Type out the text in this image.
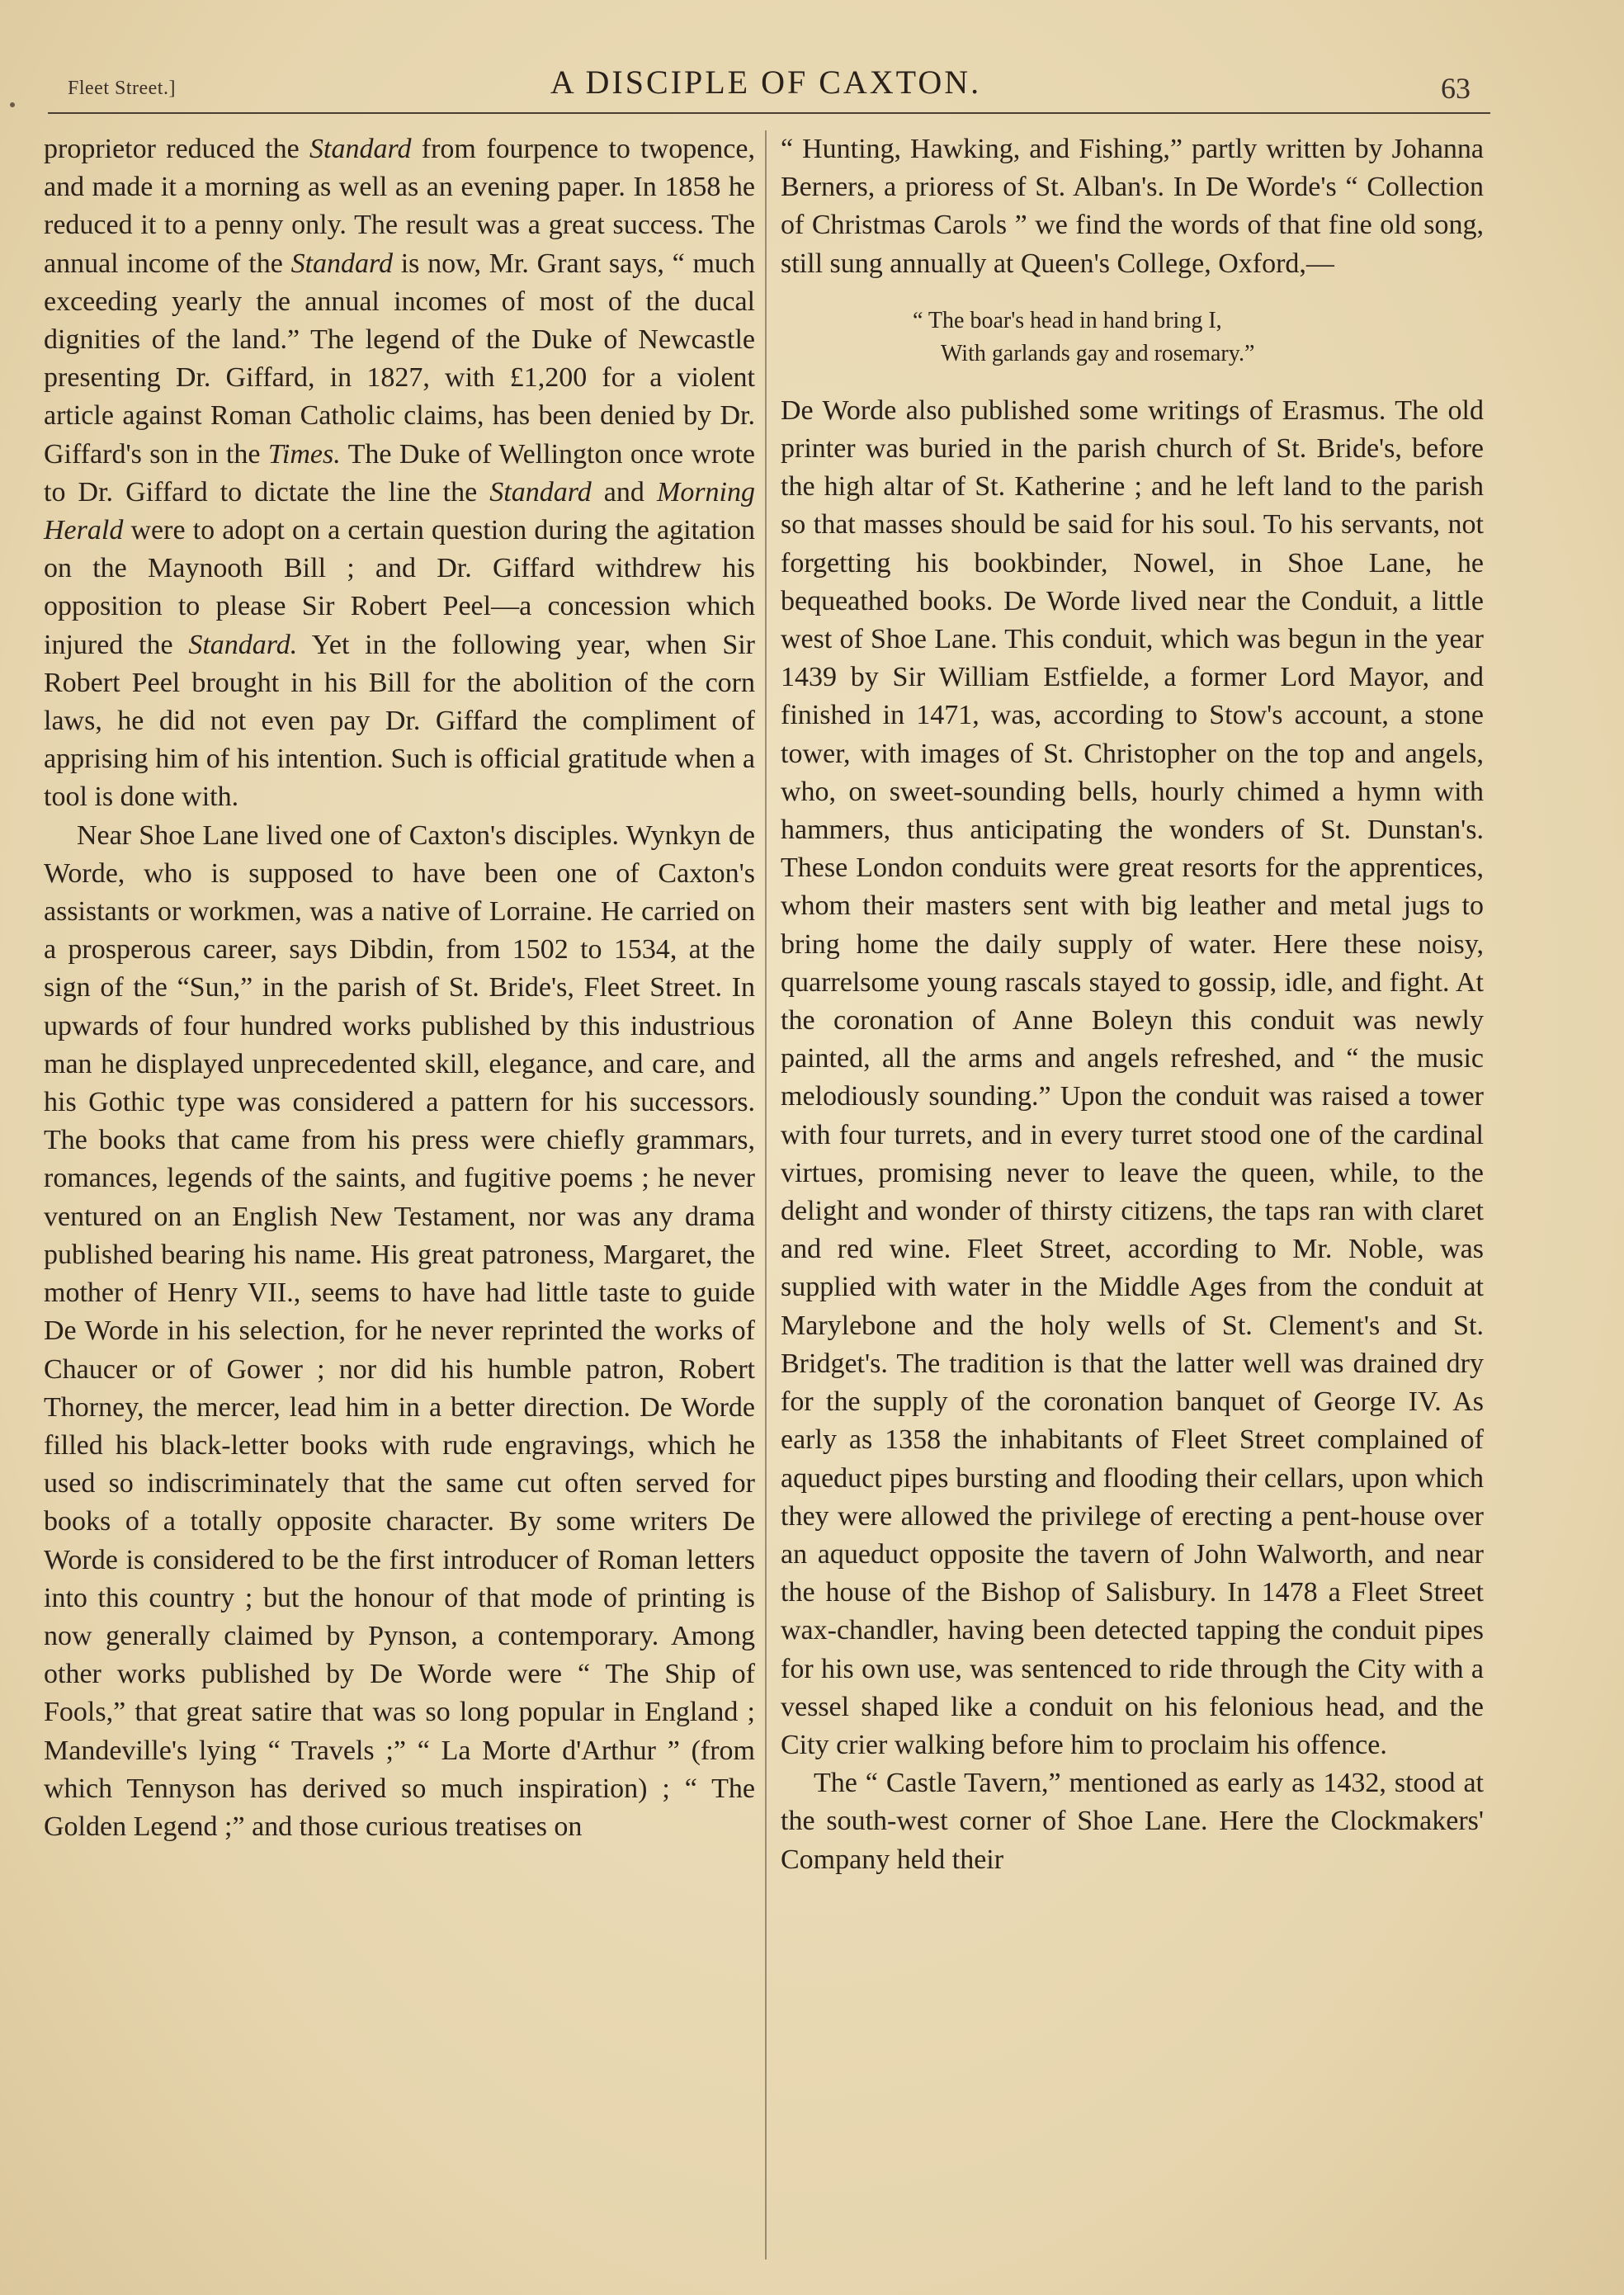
Fleet Street.]	A DISCIPLE OF CAXTON.	63

proprietor reduced the Standard from fourpence to twopence, and made it a morning as well as an evening paper. In 1858 he reduced it to a penny only. The result was a great success. The annual income of the Standard is now, Mr. Grant says, “ much exceeding yearly the annual incomes of most of the ducal dignities of the land.” The legend of the Duke of Newcastle presenting Dr. Giffard, in 1827, with £1,200 for a violent article against Roman Catholic claims, has been denied by Dr. Giffard's son in the Times. The Duke of Wellington once wrote to Dr. Giffard to dictate the line the Standard and Morning Herald were to adopt on a certain question during the agitation on the Maynooth Bill ; and Dr. Giffard withdrew his opposition to please Sir Robert Peel—a concession which injured the Standard. Yet in the following year, when Sir Robert Peel brought in his Bill for the abolition of the corn laws, he did not even pay Dr. Giffard the compliment of apprising him of his intention. Such is official gratitude when a tool is done with.

Near Shoe Lane lived one of Caxton's disciples. Wynkyn de Worde, who is supposed to have been one of Caxton's assistants or workmen, was a native of Lorraine. He carried on a prosperous career, says Dibdin, from 1502 to 1534, at the sign of the “Sun,” in the parish of St. Bride's, Fleet Street. In upwards of four hundred works published by this industrious man he displayed unprecedented skill, elegance, and care, and his Gothic type was considered a pattern for his successors. The books that came from his press were chiefly grammars, romances, legends of the saints, and fugitive poems ; he never ventured on an English New Testament, nor was any drama published bearing his name. His great patroness, Margaret, the mother of Henry VII., seems to have had little taste to guide De Worde in his selection, for he never reprinted the works of Chaucer or of Gower ; nor did his humble patron, Robert Thorney, the mercer, lead him in a better direction. De Worde filled his black-letter books with rude engravings, which he used so indiscriminately that the same cut often served for books of a totally opposite character. By some writers De Worde is considered to be the first introducer of Roman letters into this country ; but the honour of that mode of printing is now generally claimed by Pynson, a contemporary. Among other works published by De Worde were “ The Ship of Fools,” that great satire that was so long popular in England ; Mandeville's lying “ Travels ;” “ La Morte d'Arthur ” (from which Tennyson has derived so much inspiration) ; “ The Golden Legend ;” and those curious treatises on

“ Hunting, Hawking, and Fishing,” partly written by Johanna Berners, a prioress of St. Alban's. In De Worde's “ Collection of Christmas Carols ” we find the words of that fine old song, still sung annually at Queen's College, Oxford,—

“ The boar's head in hand bring I,
With garlands gay and rosemary.”

De Worde also published some writings of Erasmus. The old printer was buried in the parish church of St. Bride's, before the high altar of St. Katherine ; and he left land to the parish so that masses should be said for his soul. To his servants, not forgetting his bookbinder, Nowel, in Shoe Lane, he bequeathed books. De Worde lived near the Conduit, a little west of Shoe Lane. This conduit, which was begun in the year 1439 by Sir William Estfielde, a former Lord Mayor, and finished in 1471, was, according to Stow's account, a stone tower, with images of St. Christopher on the top and angels, who, on sweet-sounding bells, hourly chimed a hymn with hammers, thus anticipating the wonders of St. Dunstan's. These London conduits were great resorts for the apprentices, whom their masters sent with big leather and metal jugs to bring home the daily supply of water. Here these noisy, quarrelsome young rascals stayed to gossip, idle, and fight. At the coronation of Anne Boleyn this conduit was newly painted, all the arms and angels refreshed, and “ the music melodiously sounding.” Upon the conduit was raised a tower with four turrets, and in every turret stood one of the cardinal virtues, promising never to leave the queen, while, to the delight and wonder of thirsty citizens, the taps ran with claret and red wine. Fleet Street, according to Mr. Noble, was supplied with water in the Middle Ages from the conduit at Marylebone and the holy wells of St. Clement's and St. Bridget's. The tradition is that the latter well was drained dry for the supply of the coronation banquet of George IV. As early as 1358 the inhabitants of Fleet Street complained of aqueduct pipes bursting and flooding their cellars, upon which they were allowed the privilege of erecting a pent-house over an aqueduct opposite the tavern of John Walworth, and near the house of the Bishop of Salisbury. In 1478 a Fleet Street wax-chandler, having been detected tapping the conduit pipes for his own use, was sentenced to ride through the City with a vessel shaped like a conduit on his felonious head, and the City crier walking before him to proclaim his offence.

The “ Castle Tavern,” mentioned as early as 1432, stood at the south-west corner of Shoe Lane. Here the Clockmakers' Company held their
